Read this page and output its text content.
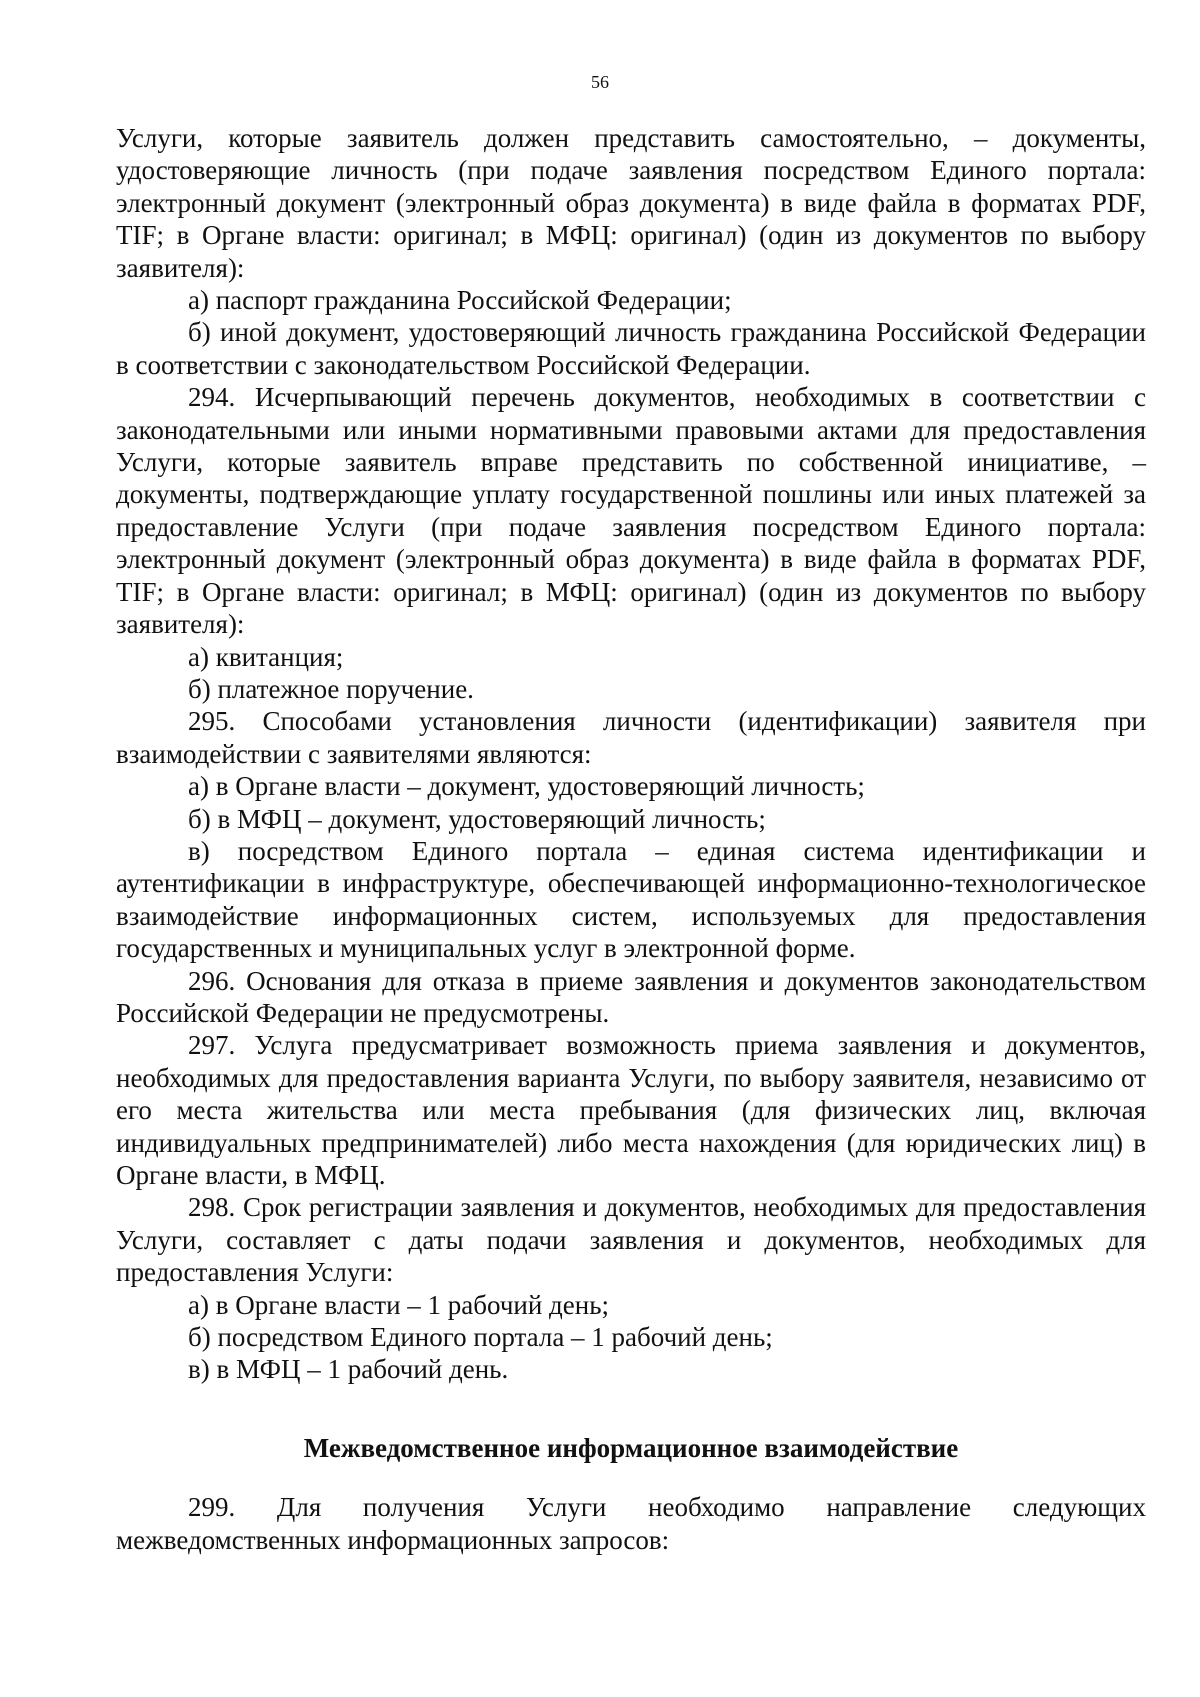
56

Услуги, которые заявитель должен представить самостоятельно, – документы, удостоверяющие личность (при подаче заявления посредством Единого портала: электронный документ (электронный образ документа) в виде файла в форматах PDF, TIF; в Органе власти: оригинал; в МФЦ: оригинал) (один из документов по выбору заявителя):

а) паспорт гражданина Российской Федерации;

б) иной документ, удостоверяющий личность гражданина Российской Федерации в соответствии с законодательством Российской Федерации.

294. Исчерпывающий перечень документов, необходимых в соответствии с законодательными или иными нормативными правовыми актами для предоставления Услуги, которые заявитель вправе представить по собственной инициативе, – документы, подтверждающие уплату государственной пошлины или иных платежей за предоставление Услуги (при подаче заявления посредством Единого портала: электронный документ (электронный образ документа) в виде файла в форматах PDF, TIF; в Органе власти: оригинал; в МФЦ: оригинал) (один из документов по выбору заявителя):

а) квитанция;

б) платежное поручение.

295. Способами установления личности (идентификации) заявителя при взаимодействии с заявителями являются:

а) в Органе власти – документ, удостоверяющий личность;

б) в МФЦ – документ, удостоверяющий личность;

в) посредством Единого портала – единая система идентификации и аутентификации в инфраструктуре, обеспечивающей информационно-технологическое взаимодействие информационных систем, используемых для предоставления государственных и муниципальных услуг в электронной форме.

296. Основания для отказа в приеме заявления и документов законодательством Российской Федерации не предусмотрены.

297. Услуга предусматривает возможность приема заявления и документов, необходимых для предоставления варианта Услуги, по выбору заявителя, независимо от его места жительства или места пребывания (для физических лиц, включая индивидуальных предпринимателей) либо места нахождения (для юридических лиц) в Органе власти, в МФЦ.

298. Срок регистрации заявления и документов, необходимых для предоставления Услуги, составляет с даты подачи заявления и документов, необходимых для предоставления Услуги:

а) в Органе власти – 1 рабочий день;

б) посредством Единого портала – 1 рабочий день;

в) в МФЦ – 1 рабочий день.

Межведомственное информационное взаимодействие

299. Для получения Услуги необходимо направление следующих межведомственных информационных запросов:
